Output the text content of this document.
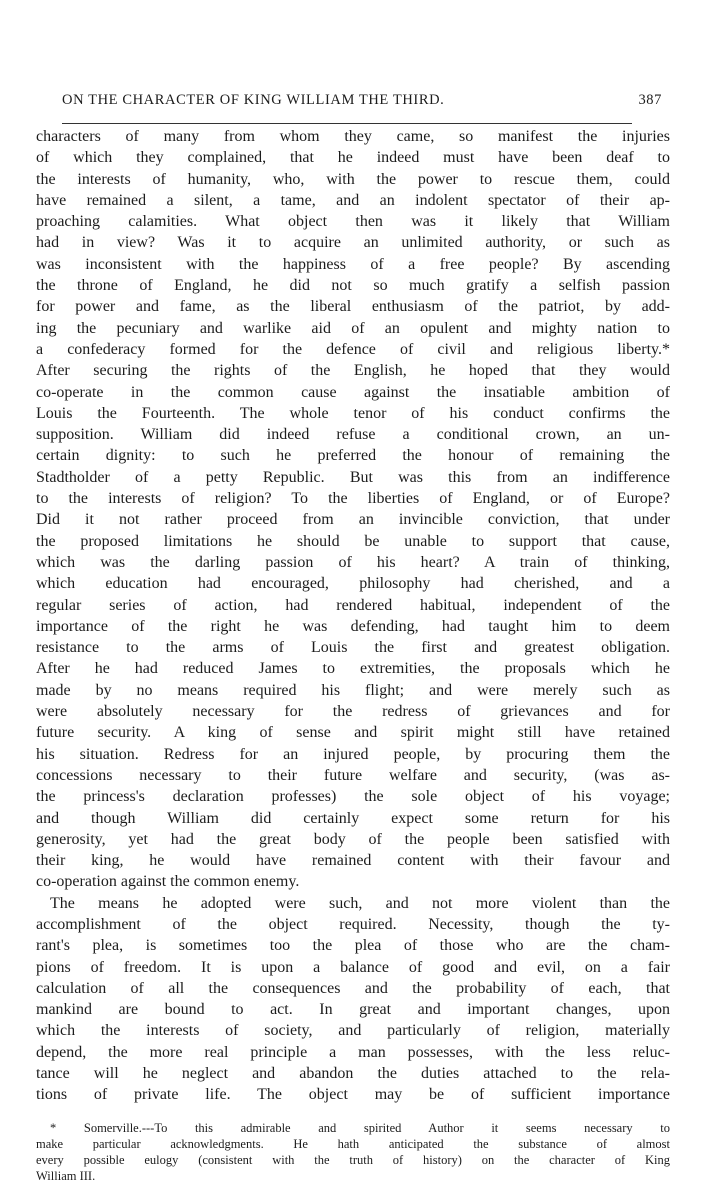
ON THE CHARACTER OF KING WILLIAM THE THIRD.	387
characters of many from whom they came, so manifest the injuries
of which they complained, that he indeed must have been deaf to
the interests of humanity, who, with the power to rescue them, could
have remained a silent, a tame, and an indolent spectator of their ap-
proaching calamities. What object then was it likely that William
had in view? Was it to acquire an unlimited authority, or such as
was inconsistent with the happiness of a free people? By ascending
the throne of England, he did not so much gratify a selfish passion
for power and fame, as the liberal enthusiasm of the patriot, by add-
ing the pecuniary and warlike aid of an opulent and mighty nation to
a confederacy formed for the defence of civil and religious liberty.*
After securing the rights of the English, he hoped that they would
co-operate in the common cause against the insatiable ambition of
Louis the Fourteenth. The whole tenor of his conduct confirms the
supposition. William did indeed refuse a conditional crown, an un-
certain dignity: to such he preferred the honour of remaining the
Stadtholder of a petty Republic. But was this from an indifference
to the interests of religion? To the liberties of England, or of Europe?
Did it not rather proceed from an invincible conviction, that under
the proposed limitations he should be unable to support that cause,
which was the darling passion of his heart? A train of thinking,
which education had encouraged, philosophy had cherished, and a
regular series of action, had rendered habitual, independent of the
importance of the right he was defending, had taught him to deem
resistance to the arms of Louis the first and greatest obligation.
After he had reduced James to extremities, the proposals which he
made by no means required his flight; and were merely such as
were absolutely necessary for the redress of grievances and for
future security. A king of sense and spirit might still have retained
his situation. Redress for an injured people, by procuring them the
concessions necessary to their future welfare and security, (was as-
the princess's declaration professes) the sole object of his voyage;
and though William did certainly expect some return for his
generosity, yet had the great body of the people been satisfied with
their king, he would have remained content with their favour and
co-operation against the common enemy.
The means he adopted were such, and not more violent than the
accomplishment of the object required. Necessity, though the ty-
rant's plea, is sometimes too the plea of those who are the cham-
pions of freedom. It is upon a balance of good and evil, on a fair
calculation of all the consequences and the probability of each, that
mankind are bound to act. In great and important changes, upon
which the interests of society, and particularly of religion, materially
depend, the more real principle a man possesses, with the less reluc-
tance will he neglect and abandon the duties attached to the rela-
tions of private life. The object may be of sufficient importance
* Somerville.---To this admirable and spirited Author it seems necessary to
make particular acknowledgments. He hath anticipated the substance of almost
every possible eulogy (consistent with the truth of history) on the character of King
William III.
